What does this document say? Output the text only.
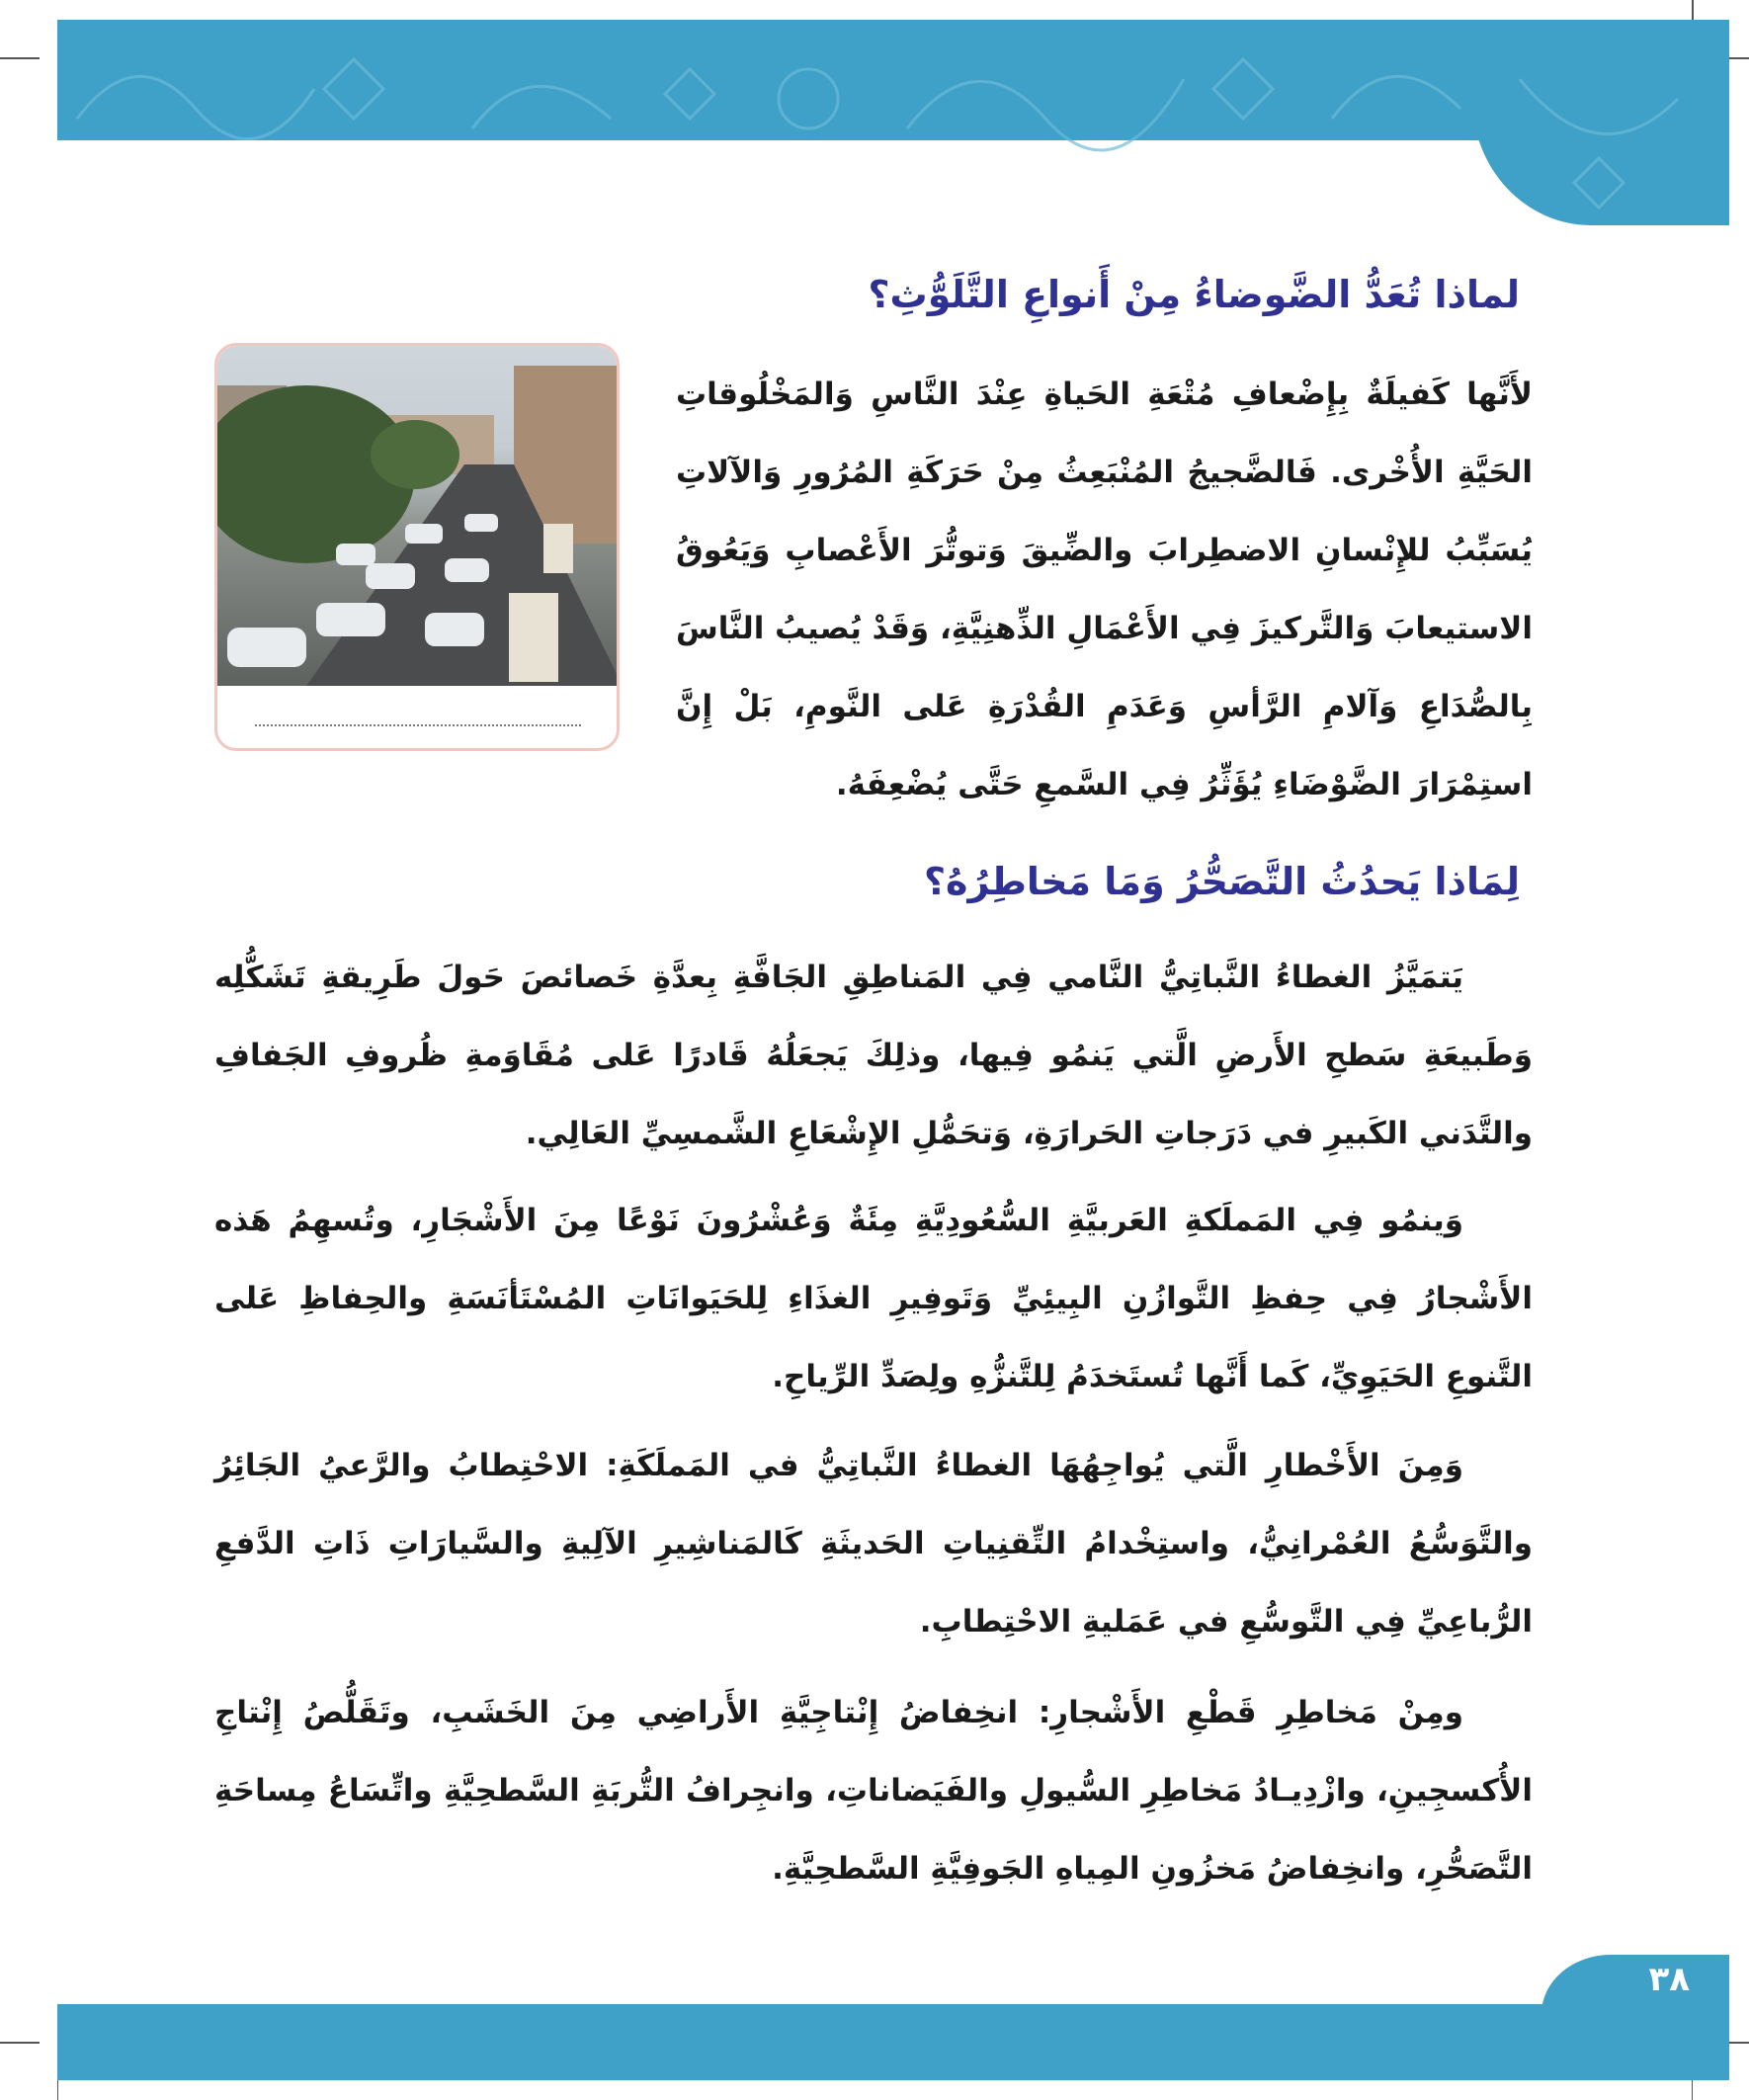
لماذا تُعَدُّ الضَّوضاءُ مِنْ أَنواعِ التَّلَوُّثِ؟
لأَنَّها كَفيلَةٌ بِإِضْعافِ مُتْعَةِ الحَياةِ عِنْدَ النَّاسِ وَالمَخْلُوقاتِ الحَيَّةِ الأُخْرى. فَالضَّجيجُ المُنْبَعِثُ مِنْ حَرَكَةِ المُرُورِ وَالآلاتِ يُسَبِّبُ للإِنْسانِ الاضطِرابَ والضِّيقَ وَتوتُّرَ الأَعْصابِ وَيَعُوقُ الاستيعابَ وَالتَّركيزَ فِي الأَعْمَالِ الذِّهنِيَّةِ، وَقَدْ يُصيبُ النَّاسَ بِالصُّدَاعِ وَآلامِ الرَّأسِ وَعَدَمِ القُدْرَةِ عَلى النَّومِ، بَلْ إِنَّ استِمْرَارَ الضَّوْضَاءِ يُؤَثِّرُ فِي السَّمعِ حَتَّى يُضْعِفَهُ.
لِمَاذا يَحدُثُ التَّصَحُّرُ وَمَا مَخاطِرُهُ؟
يَتمَيَّزُ الغطاءُ النَّباتِيُّ النَّامي فِي المَناطِقِ الجَافَّةِ بِعدَّةِ خَصائصَ حَولَ طَرِيقةِ تَشَكُّلِه وَطَبيعَةِ سَطحِ الأَرضِ الَّتي يَنمُو فِيها، وذلِكَ يَجعَلُهُ قَادرًا عَلى مُقَاوَمةِ ظُروفِ الجَفافِ والتَّدَني الكَبيرِ في دَرَجاتِ الحَرارَةِ، وَتحَمُّلِ الإِشْعَاعِ الشَّمسِيِّ العَالِي.
وَينمُو فِي المَملَكةِ العَربيَّةِ السُّعُودِيَّةِ مِئَةٌ وَعُشْرُونَ نَوْعًا مِنَ الأَشْجَارِ، وتُسهِمُ هَذه الأَشْجارُ فِي حِفظِ التَّوازُنِ البِيئِيِّ وَتَوفِيرِ الغذَاءِ لِلحَيَوانَاتِ المُسْتَأنَسَةِ والحِفاظِ عَلى التَّنوعِ الحَيَوِيِّ، كَما أَنَّها تُستَخدَمُ لِلتَّنزُّهِ ولِصَدِّ الرِّياحِ.
وَمِنَ الأَخْطارِ الَّتي يُواجِهُهَا الغطاءُ النَّباتِيُّ في المَملَكَةِ: الاحْتِطابُ والرَّعيُ الجَائِرُ والتَّوَسُّعُ العُمْرانِيُّ، واستِخْدامُ التِّقنِياتِ الحَديثَةِ كَالمَناشِيرِ الآلِيةِ والسَّيارَاتِ ذَاتِ الدَّفعِ الرُّباعِيِّ فِي التَّوسُّعِ في عَمَليةِ الاحْتِطابِ.
ومِنْ مَخاطِرِ قَطْعِ الأَشْجارِ: انخِفاضُ إِنْتاجِيَّةِ الأَراضِي مِنَ الخَشَبِ، وتَقَلُّصُ إِنْتاجِ الأُكسجِينِ، وازْدِيـادُ مَخاطِرِ السُّيولِ والفَيَضاناتِ، وانجِرافُ التُّربَةِ السَّطحِيَّةِ واتِّسَاعُ مِساحَةِ التَّصَحُّرِ، وانخِفاضُ مَخزُونِ المِياهِ الجَوفِيَّةِ السَّطحِيَّةِ.
٣٨
